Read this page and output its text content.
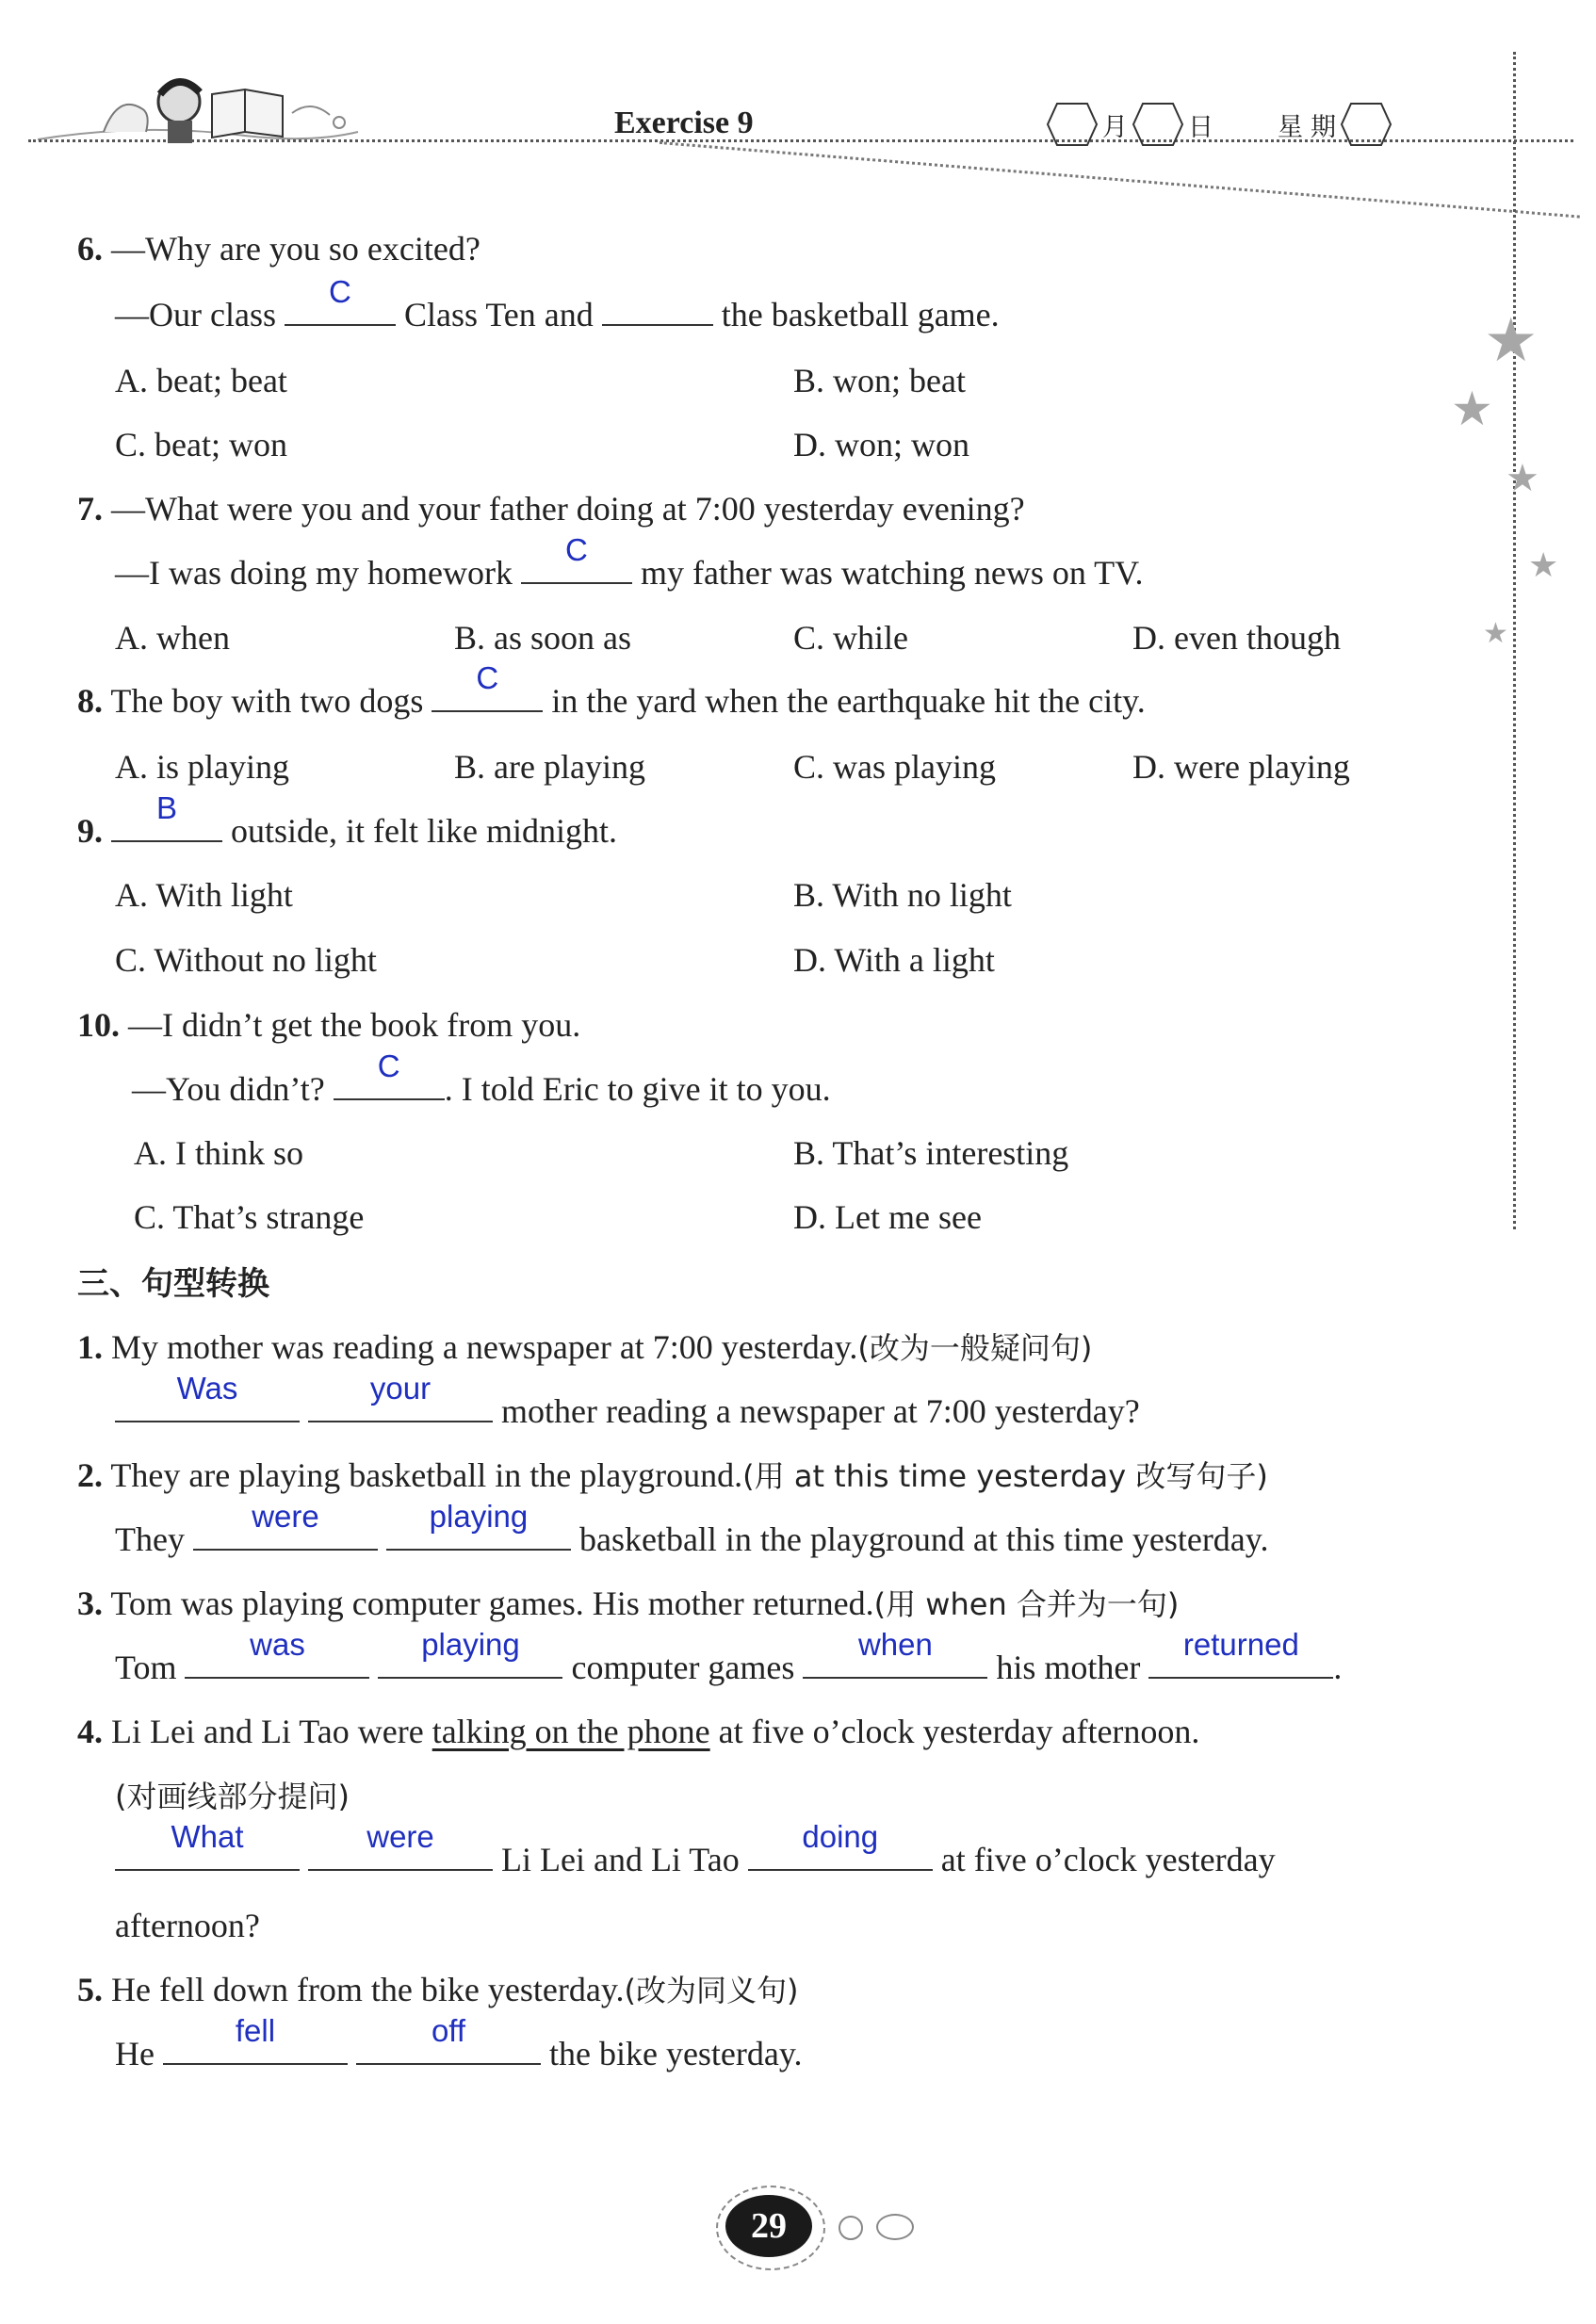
Exercise 9	月 日	星 期
★
★
★
★
★
6. —Why are you so excited?
—Our class
C
Class Ten and	the basketball game.
A. beat; beat	B. won; beat
C. beat; won	D. won; won
7. —What were you and your father doing at 7:00 yesterday evening?
—I was doing my homework
C
my father was watching news on TV.
A. when	B. as soon as	C. while	D. even though
8. The boy with two dogs
C
in the yard when the earthquake hit the city.
A. is playing	B. are playing	C. was playing	D. were playing
9.
B
outside, it felt like midnight.
A. With light	B. With no light
C. Without no light	D. With a light
10. —I didn’t get the book from you.
—You didn’t?
C
. I told Eric to give it to you.
A. I think so	B. That’s interesting
C. That’s strange	D. Let me see
三、句型转换
1. My mother was reading a newspaper at 7:00 yesterday.(改为一般疑问句)
Was
	your
mother reading a newspaper at 7:00 yesterday?
2. They are playing basketball in the playground.(用 at this time yesterday 改写句子)
They
were
	playing
basketball in the playground at this time yesterday.
3. Tom was playing computer games. His mother returned.(用 when 合并为一句)
Tom
was
	playing
computer games
when
his mother
returned
.
4. Li Lei and Li Tao were talking on the phone at five o’clock yesterday afternoon.
(对画线部分提问)
What
	were
Li Lei and Li Tao
doing
at five o’clock yesterday
afternoon?
5. He fell down from the bike yesterday.(改为同义句)
He
fell
	off
the bike yesterday.
29
